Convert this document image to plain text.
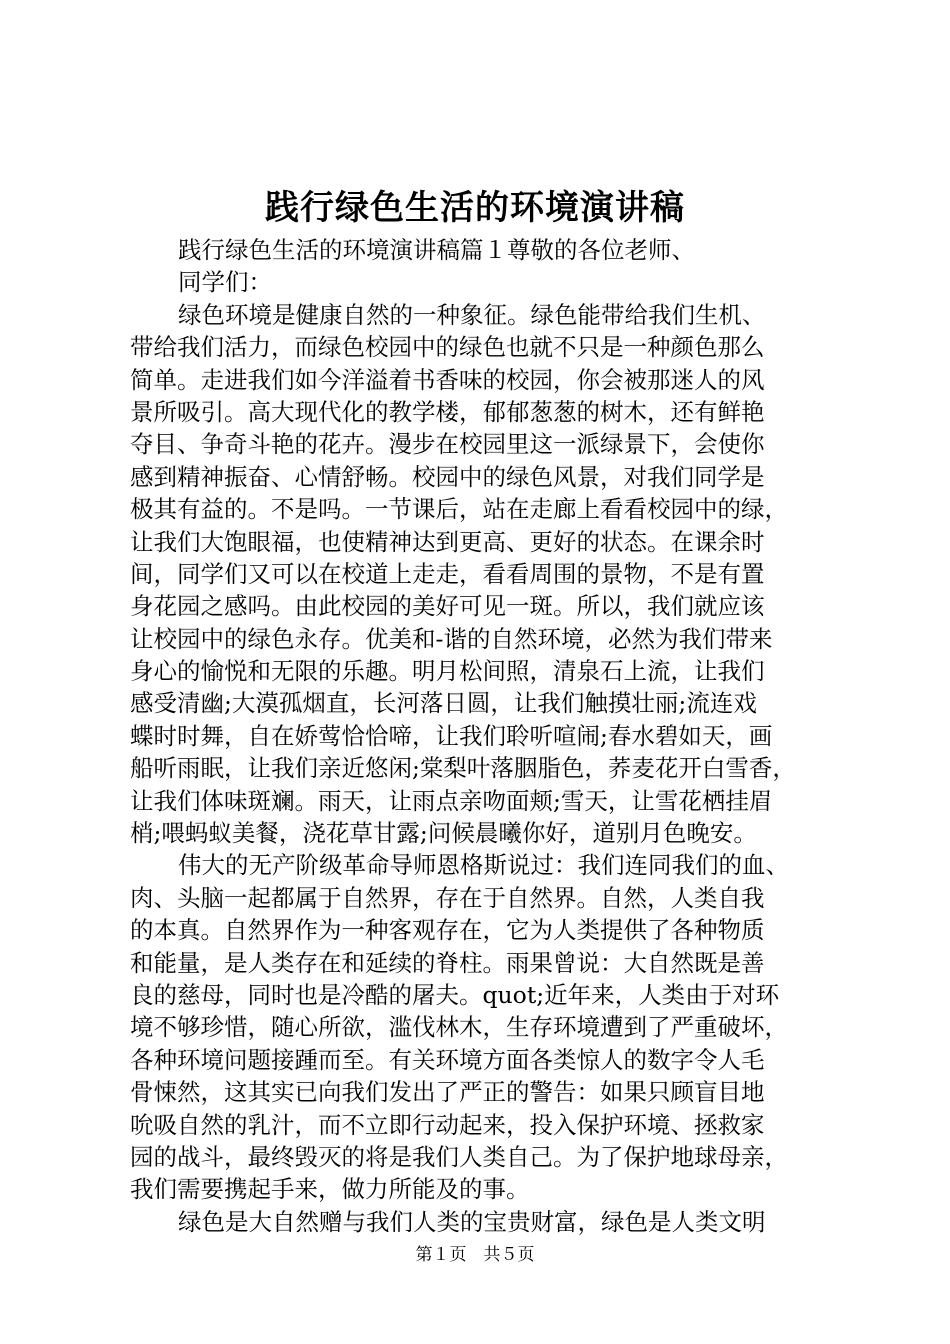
践行绿色生活的环境演讲稿
践行绿色生活的环境演讲稿篇１尊敬的各位老师、
同学们：
绿色环境是健康自然的一种象征。绿色能带给我们生机、
带给我们活力，而绿色校园中的绿色也就不只是一种颜色那么
简单。走进我们如今洋溢着书香味的校园，你会被那迷人的风
景所吸引。高大现代化的教学楼，郁郁葱葱的树木，还有鲜艳
夺目、争奇斗艳的花卉。漫步在校园里这一派绿景下，会使你
感到精神振奋、心情舒畅。校园中的绿色风景，对我们同学是
极其有益的。不是吗。一节课后，站在走廊上看看校园中的绿，
让我们大饱眼福，也使精神达到更高、更好的状态。在课余时
间，同学们又可以在校道上走走，看看周围的景物，不是有置
身花园之感吗。由此校园的美好可见一斑。所以，我们就应该
让校园中的绿色永存。优美和-谐的自然环境，必然为我们带来
身心的愉悦和无限的乐趣。明月松间照，清泉石上流，让我们
感受清幽;大漠孤烟直，长河落日圆，让我们触摸壮丽;流连戏
蝶时时舞，自在娇莺恰恰啼，让我们聆听喧闹;春水碧如天，画
船听雨眠，让我们亲近悠闲;棠梨叶落胭脂色，荞麦花开白雪香，
让我们体味斑斓。雨天，让雨点亲吻面颊;雪天，让雪花栖挂眉
梢;喂蚂蚁美餐，浇花草甘露;问候晨曦你好，道别月色晚安。
伟大的无产阶级革命导师恩格斯说过：我们连同我们的血、
肉、头脑一起都属于自然界，存在于自然界。自然，人类自我
的本真。自然界作为一种客观存在，它为人类提供了各种物质
和能量，是人类存在和延续的脊柱。雨果曾说：大自然既是善
良的慈母，同时也是冷酷的屠夫。quot;近年来，人类由于对环
境不够珍惜，随心所欲，滥伐林木，生存环境遭到了严重破坏，
各种环境问题接踵而至。有关环境方面各类惊人的数字令人毛
骨悚然，这其实已向我们发出了严正的警告：如果只顾盲目地
吮吸自然的乳汁，而不立即行动起来，投入保护环境、拯救家
园的战斗，最终毁灭的将是我们人类自己。为了保护地球母亲，
我们需要携起手来，做力所能及的事。
绿色是大自然赠与我们人类的宝贵财富，绿色是人类文明
第１页　共５页
